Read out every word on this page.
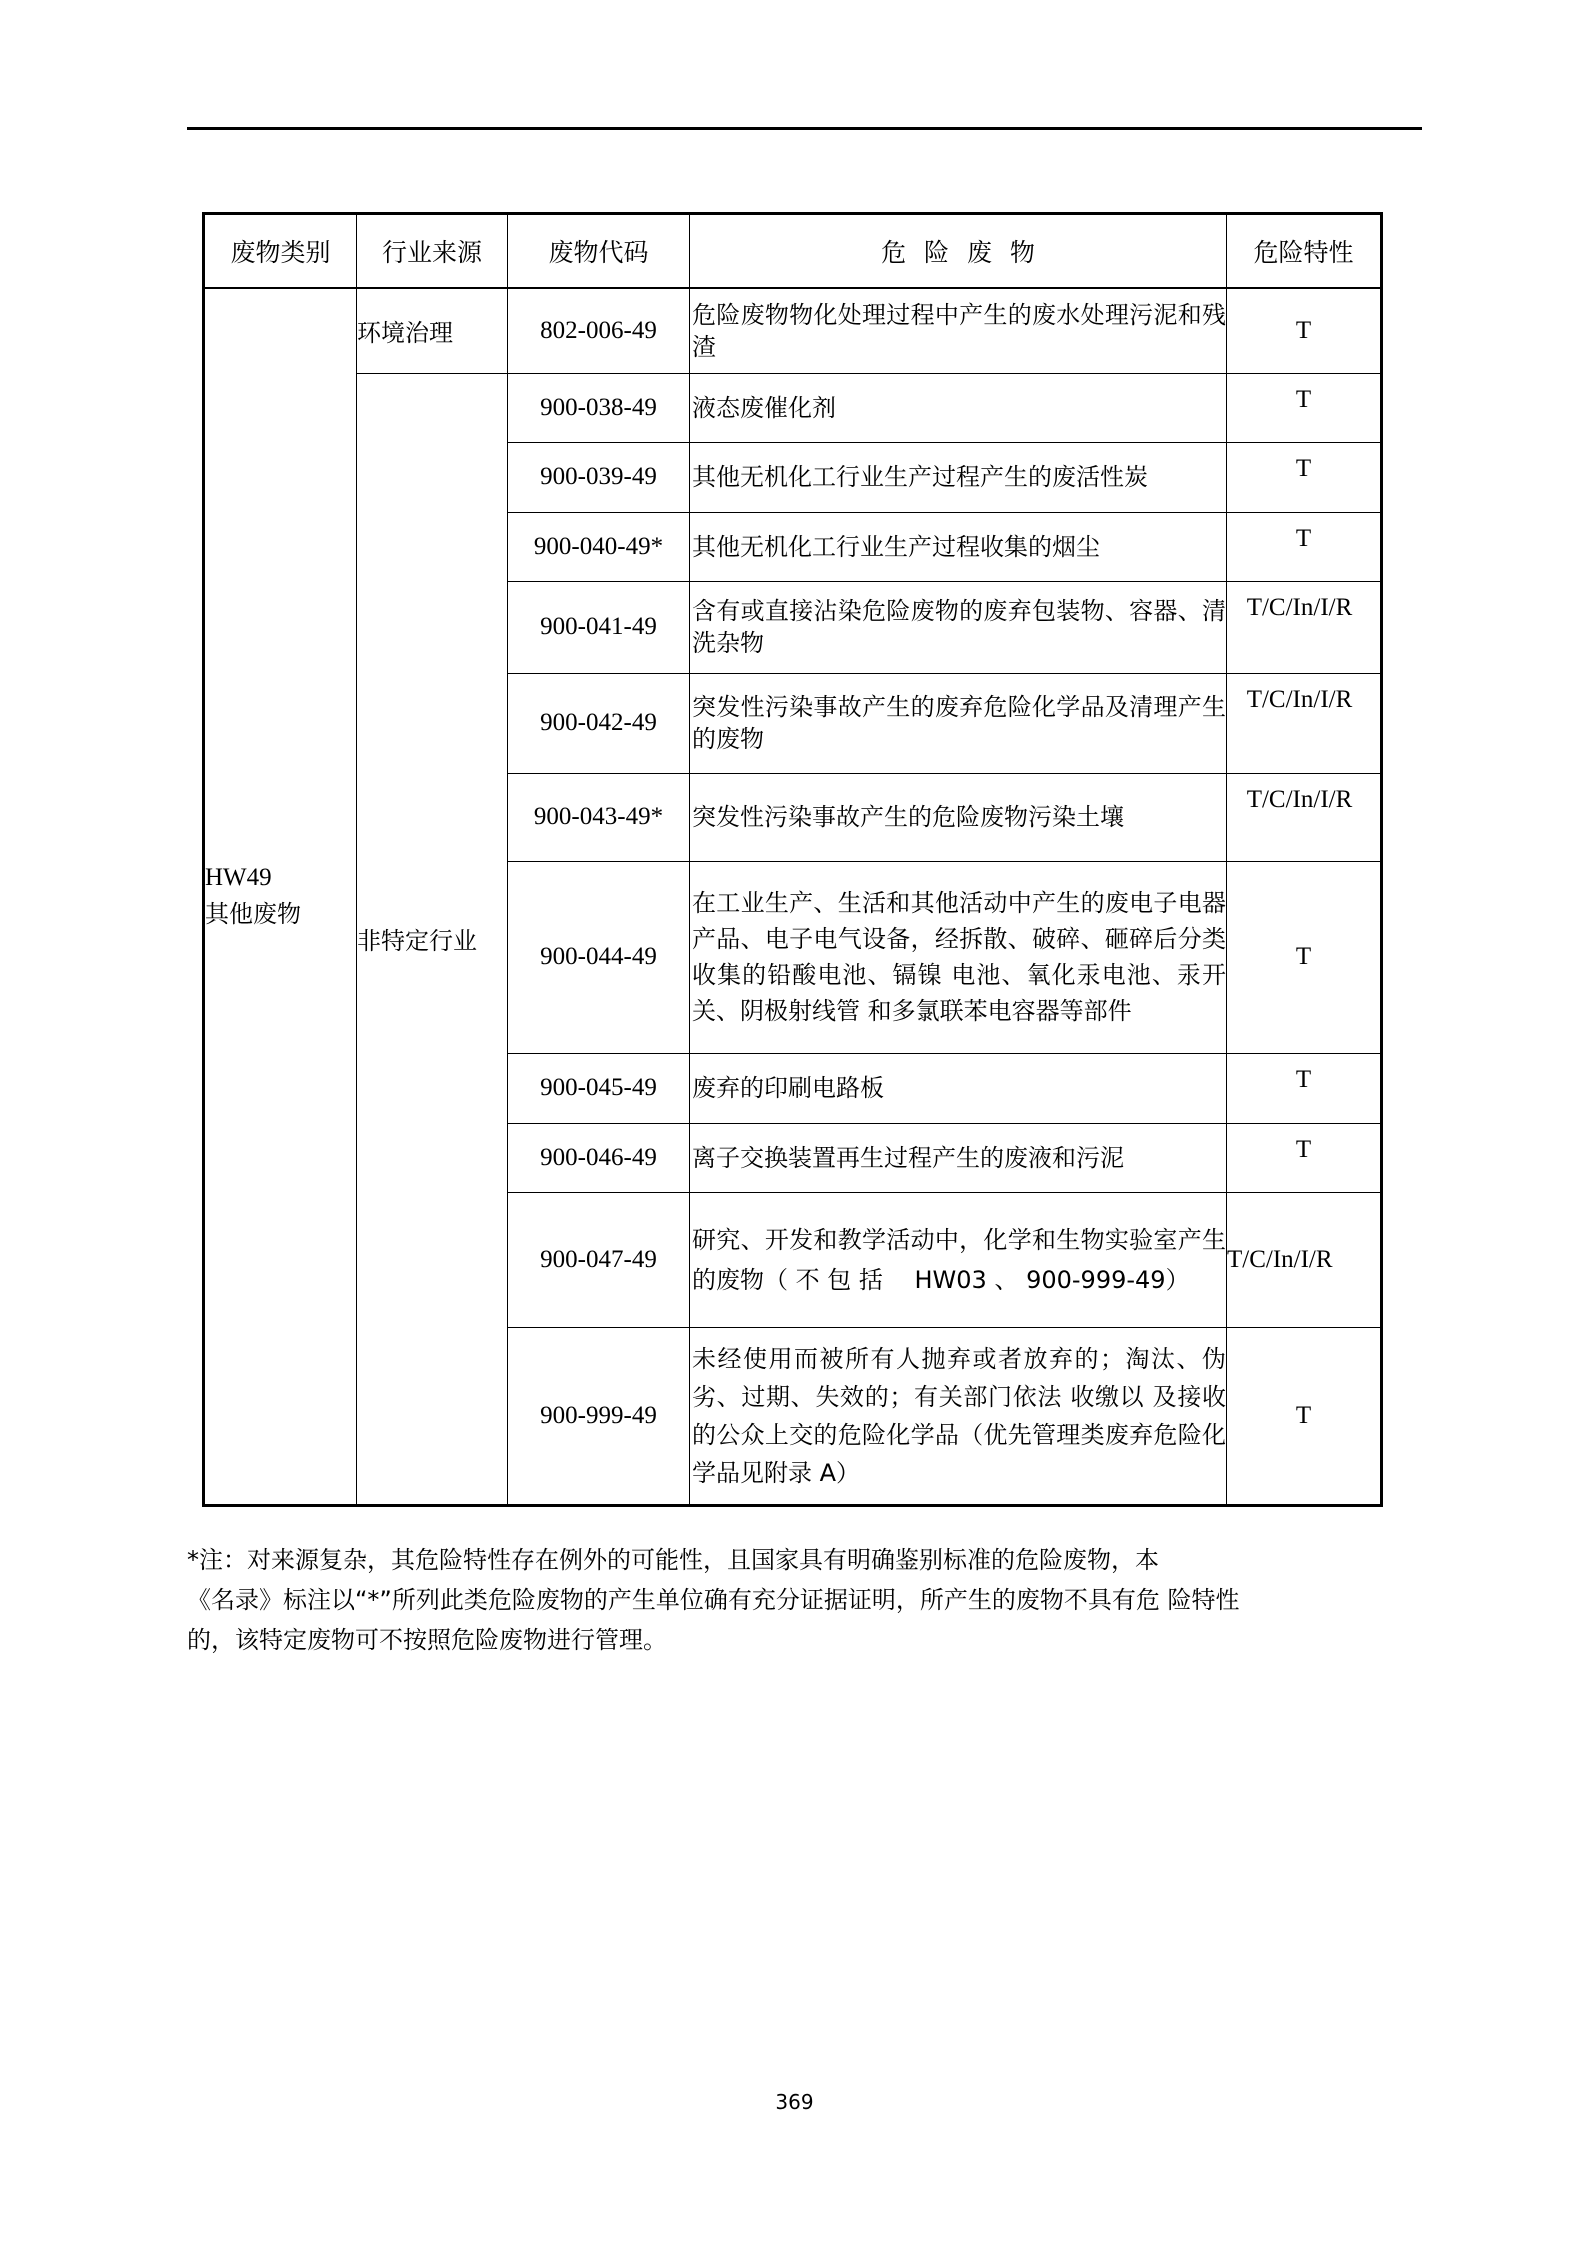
废物类别	行业来源	废物代码	危 险 废 物	危险特性

HW49
其他废物	环境治理	802-006-49	危险废物物化处理过程中产生的废水处理污泥和残渣	T
	非特定行业	900-038-49	液态废催化剂	T
		900-039-49	其他无机化工行业生产过程产生的废活性炭	T
		900-040-49*	其他无机化工行业生产过程收集的烟尘	T
		900-041-49	含有或直接沾染危险废物的废弃包装物、容器、清洗杂物	T/C/In/I/R
		900-042-49	突发性污染事故产生的废弃危险化学品及清理产生的废物	T/C/In/I/R
		900-043-49*	突发性污染事故产生的危险废物污染土壤	T/C/In/I/R
		900-044-49	在工业生产、生活和其他活动中产生的废电子电器产品、电子电气设备，经拆散、破碎、砸碎后分类收集的铅酸电池、镉镍 电池、氧化汞电池、汞开关、阴极射线管 和多氯联苯电容器等部件	T
		900-045-49	废弃的印刷电路板	T
		900-046-49	离子交换装置再生过程产生的废液和污泥	T
		900-047-49	研究、开发和教学活动中，化学和生物实验室产生的废物（ 不 包 括 　HW03 、 900-999-49）	T/C/In/I/R
		900-999-49	未经使用而被所有人抛弃或者放弃的；淘汰、伪劣、过期、失效的；有关部门依法 收缴以 及接收的公众上交的危险化学品（优先管理类废弃危险化学品见附录 A）	T
*注：对来源复杂，其危险特性存在例外的可能性，且国家具有明确鉴别标准的危险废物，本
《名录》标注以“*”所列此类危险废物的产生单位确有充分证据证明，所产生的废物不具有危 险特性
的，该特定废物可不按照危险废物进行管理。
369
